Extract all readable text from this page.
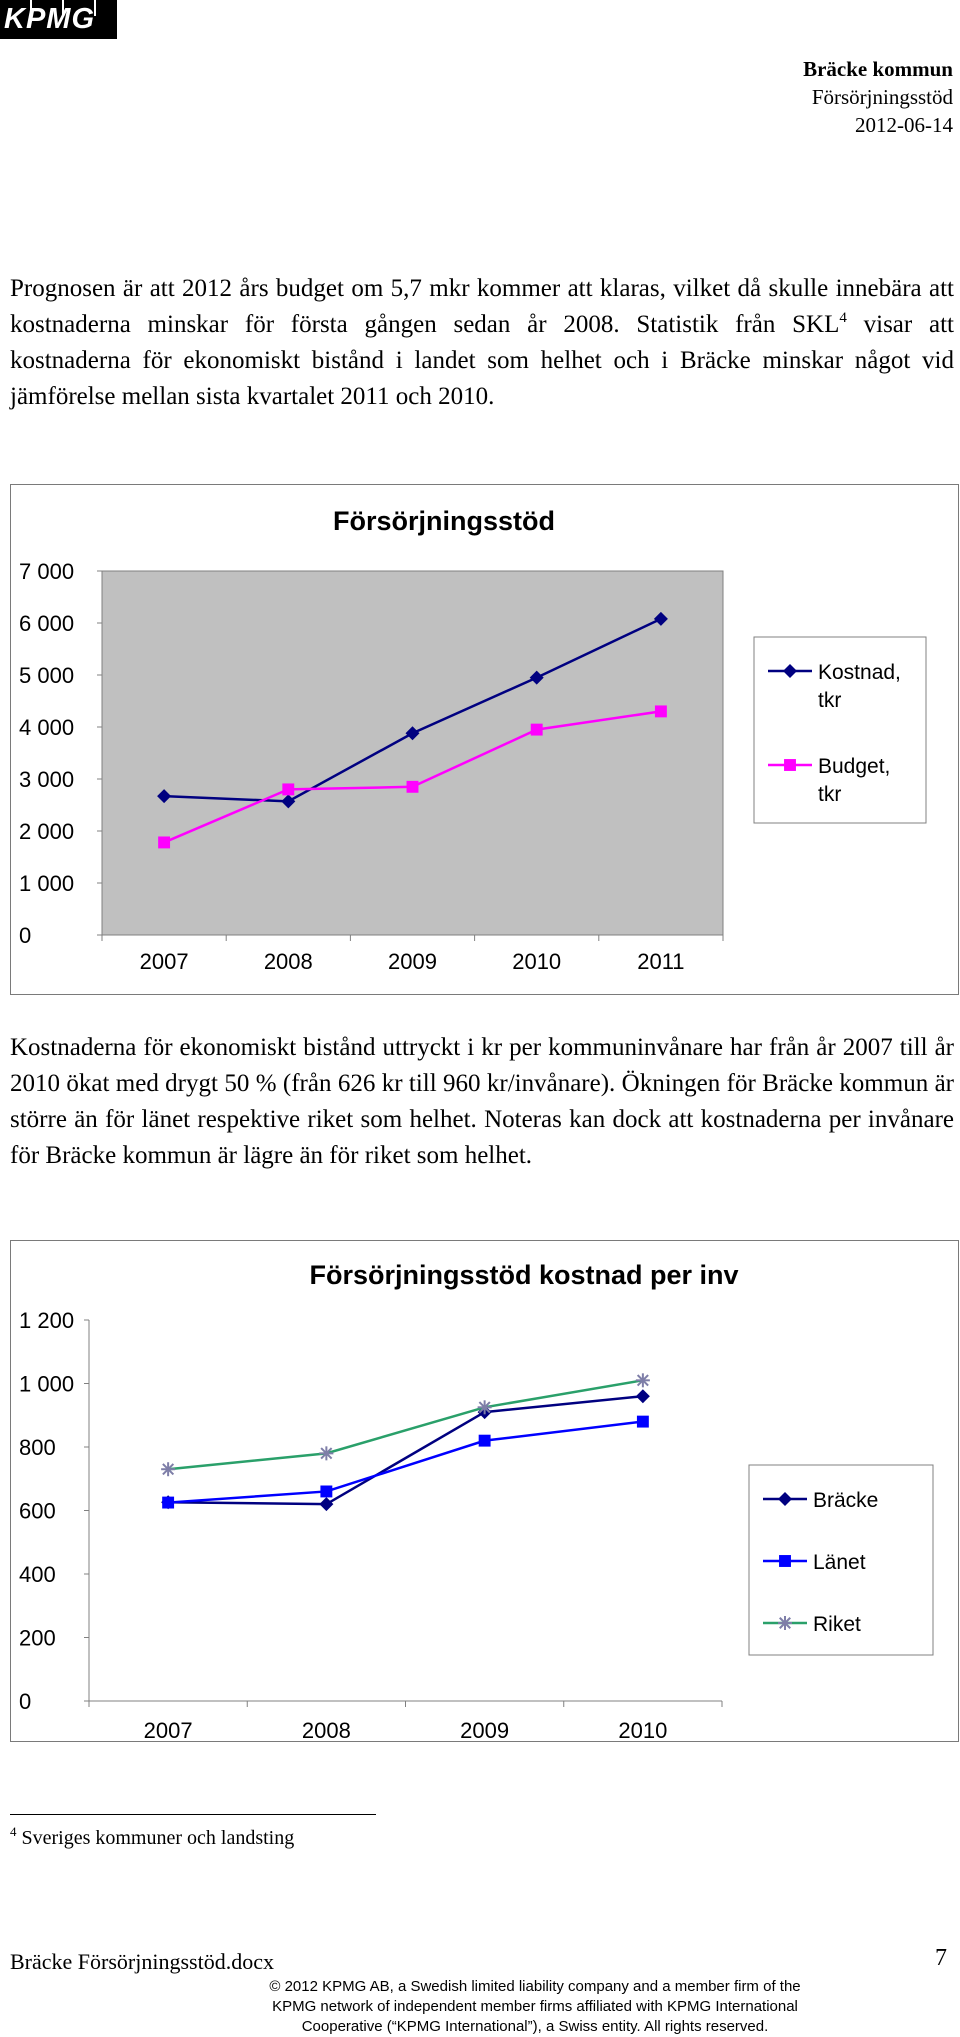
KPMG
Bräcke kommun
Försörjningsstöd
2012-06-14
Prognosen är att 2012 års budget om 5,7 mkr kommer att klaras, vilket då skulle innebära att kostnaderna minskar för första gången sedan år 2008. Statistik från SKL$^4$ visar att kostnaderna för ekonomiskt bistånd i landet som helhet och i Bräcke minskar något vid jämförelse mellan sista kvartalet 2011 och 2010.
Försörjningsstöd
0
1 000
2 000
3 000
4 000
5 000
6 000
7 000
2007	2008	2009	2010	2011
Kostnad,
tkr
Budget,
tkr
Kostnaderna för ekonomiskt bistånd uttryckt i kr per kommuninvånare har från år 2007 till år 2010 ökat med drygt 50 % (från 626 kr till 960 kr/invånare). Ökningen för Bräcke kommun är större än för länet respektive riket som helhet. Noteras kan dock att kostnaderna per invånare för Bräcke kommun är lägre än för riket som helhet.
Försörjningsstöd kostnad per inv
0
200
400
600
800
1 000
1 200
2007	2008	2009	2010
Bräcke
Länet
Riket
$^4$ Sveriges kommuner och landsting
Bräcke Försörjningsstöd.docx	7
© 2012 KPMG AB, a Swedish limited liability company and a member firm of the
KPMG network of independent member firms affiliated with KPMG International
Cooperative (“KPMG International”), a Swiss entity. All rights reserved.
